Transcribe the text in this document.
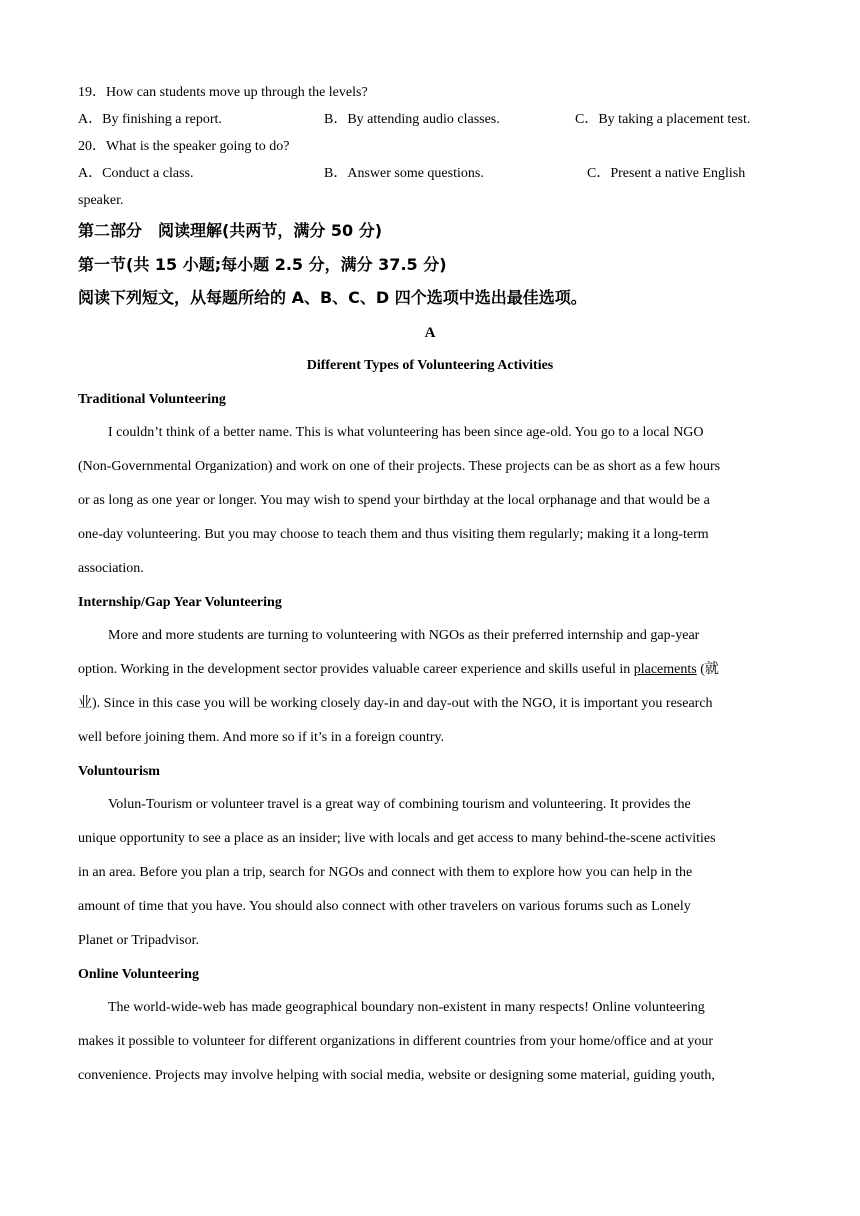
19．How can students move up through the levels?
A．By finishing a report.	B．By attending audio classes.	C．By taking a placement test.
20．What is the speaker going to do?
A．Conduct a class.	B．Answer some questions.	C．Present a native English
speaker.
第二部分　阅读理解(共两节，满分 50 分)
第一节(共 15 小题;每小题 2.5 分，满分 37.5 分)
阅读下列短文，从每题所给的 A、B、C、D 四个选项中选出最佳选项。
A
Different Types of Volunteering Activities
Traditional Volunteering
I couldn’t think of a better name. This is what volunteering has been since age-old. You go to a local NGO
(Non-Governmental Organization) and work on one of their projects. These projects can be as short as a few hours
or as long as one year or longer. You may wish to spend your birthday at the local orphanage and that would be a
one-day volunteering. But you may choose to teach them and thus visiting them regularly; making it a long-term
association.
Internship/Gap Year Volunteering
More and more students are turning to volunteering with NGOs as their preferred internship and gap-year
option. Working in the development sector provides valuable career experience and skills useful in placements (就
业). Since in this case you will be working closely day-in and day-out with the NGO, it is important you research
well before joining them. And more so if it’s in a foreign country.
Voluntourism
Volun-Tourism or volunteer travel is a great way of combining tourism and volunteering. It provides the
unique opportunity to see a place as an insider; live with locals and get access to many behind-the-scene activities
in an area. Before you plan a trip, search for NGOs and connect with them to explore how you can help in the
amount of time that you have. You should also connect with other travelers on various forums such as Lonely
Planet or Tripadvisor.
Online Volunteering
The world-wide-web has made geographical boundary non-existent in many respects! Online volunteering
makes it possible to volunteer for different organizations in different countries from your home/office and at your
convenience. Projects may involve helping with social media, website or designing some material, guiding youth,
